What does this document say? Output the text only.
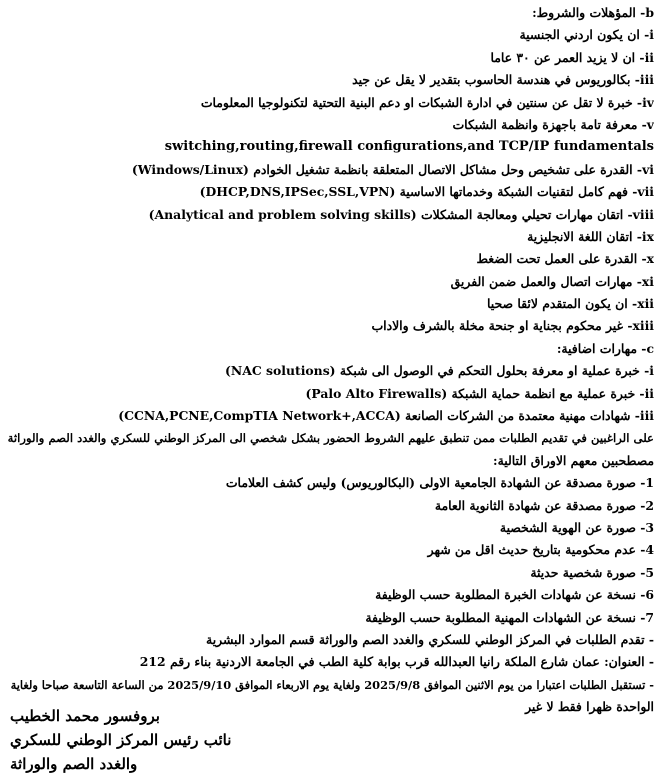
b- المؤهلات والشروط:
i- ان يكون اردني الجنسية
ii- ان لا يزيد العمر عن ٣٠ عاما
iii- بكالوريوس في هندسة الحاسوب بتقدير لا يقل عن جيد
iv- خبرة لا تقل عن سنتين في ادارة الشبكات او دعم البنية التحتية لتكنولوجيا المعلومات
v- معرفة تامة باجهزة وانظمة الشبكات
switching,routing,firewall configurations,and TCP/IP fundamentals
vi- القدرة على تشخيص وحل مشاكل الاتصال المتعلقة بانظمة تشغيل الخوادم (Windows/Linux)
vii- فهم كامل لتقنيات الشبكة وخدماتها الاساسية (DHCP,DNS,IPSec,SSL,VPN)
viii- اتقان مهارات تحيلي ومعالجة المشكلات (Analytical and problem solving skills)
ix- اتقان اللغة الانجليزية
x- القدرة على العمل تحت الضغط
xi- مهارات اتصال والعمل ضمن الفريق
xii- ان يكون المتقدم لائقا صحيا
xiii- غير محكوم بجناية او جنحة مخلة بالشرف والاداب
c- مهارات اضافية:
i- خبرة عملية او معرفة بحلول التحكم في الوصول الى شبكة (NAC solutions)
ii- خبرة عملية مع انظمة حماية الشبكة (Palo Alto Firewalls)
iii- شهادات مهنية معتمدة من الشركات الصانعة (CCNA,PCNE,CompTIA Network+,ACCA)
على الراغبين في تقديم الطلبات ممن تنطبق عليهم الشروط الحضور بشكل شخصي الى المركز الوطني للسكري والغدد الصم والوراثة
مصطحبين معهم الاوراق التالية:
1- صورة مصدقة عن الشهادة الجامعية الاولى (البكالوريوس) وليس كشف العلامات
2- صورة مصدقة عن شهادة الثانوية العامة
3- صورة عن الهوية الشخصية
4- عدم محكومية بتاريخ حديث اقل من شهر
5- صورة شخصية حديثة
6- نسخة عن شهادات الخبرة المطلوبة حسب الوظيفة
7- نسخة عن الشهادات المهنية المطلوبة حسب الوظيفة
- تقدم الطلبات في المركز الوطني للسكري والغدد الصم والوراثة قسم الموارد البشرية
- العنوان: عمان شارع الملكة رانيا العبدالله قرب بوابة كلية الطب في الجامعة الاردنية بناء رقم 212
- تستقبل الطلبات اعتبارا من يوم الاثنين الموافق 2025/9/8 ولغاية يوم الاربعاء الموافق 2025/9/10 من الساعة التاسعة صباحا ولغاية
الواحدة ظهرا فقط لا غير
بروفسور محمد الخطيب
نائب رئيس المركز الوطني للسكري
والغدد الصم والوراثة
